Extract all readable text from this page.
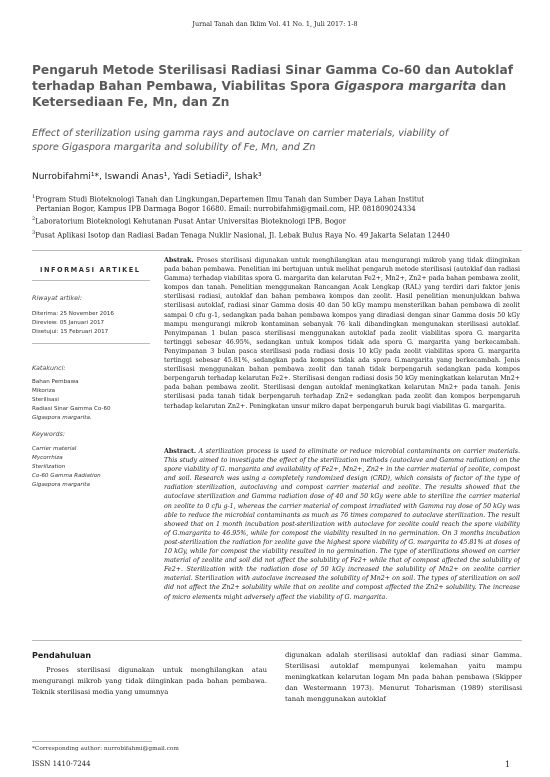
Jurnal Tanah dan Iklim Vol. 41 No. 1, Juli 2017: 1-8
Pengaruh Metode Sterilisasi Radiasi Sinar Gamma Co-60 dan Autoklaf
terhadap Bahan Pembawa, Viabilitas Spora Gigaspora margarita dan
Ketersediaan Fe, Mn, dan Zn
Effect of sterilization using gamma rays and autoclave on carrier materials, viability of
spore Gigaspora margarita and solubility of Fe, Mn, and Zn
Nurrobifahmi¹*, Iswandi Anas¹, Yadi Setiadi², Ishak³
$^1$Program Studi Bioteknologi Tanah dan Lingkungan,Departemen Ilmu Tanah dan Sumber Daya Lahan Institut
Pertanian Bogor, Kampus IPB Darmaga Bogor 16680. Email: nurrobifahmi@gmail.com, HP. 081809024334
$^2$Laboratorium Bioteknologi Kehutanan Pusat Antar Universitas Bioteknologi IPB, Bogor
$^3$Pusat Aplikasi Isotop dan Radiasi Badan Tenaga Nuklir Nasional, Jl. Lebak Bulus Raya No. 49 Jakarta Selatan 12440
INFORMASI ARTIKEL
Riwayat artikel:
Diterima: 25 November 2016
Direview: 05 Januari 2017
Disetujui: 15 Februari 2017
Katakunci:
Bahan Pembawa
Mikoriza
Sterilisasi
Radiasi Sinar Gamma Co-60
Gigaspora margarita.
Keywords:
Carrier material
Mycorrhiza
Sterilization
Co-60 Gamma Radiation
Gigaspora margarita

Abstrak. Proses sterilisasi digunakan untuk menghilangkan atau mengurangi mikrob yang tidak diinginkan pada bahan pembawa. Penelitian ini bertujuan untuk melihat pengaruh metode sterilisasi (autoklaf dan radiasi Gamma) terhadap viabilitas spora G. margarita dan kelarutan Fe2+, Mn2+, Zn2+ pada bahan pembawa zeolit, kompos dan tanah. Penelitian menggunakan Rancangan Acak Lengkap (RAL) yang terdiri dari faktor jenis sterilisasi radiasi, autoklaf dan bahan pembawa kompos dan zeolit. Hasil penelitian menunjukkan bahwa sterilisasi autoklaf, radiasi sinar Gamma dosis 40 dan 50 kGy mampu mensterilkan bahan pembawa di zeolit sampai 0 cfu g-1, sedangkan pada bahan pembawa kompos yang diradiasi dengan sinar Gamma dosis 50 kGy mampu mengurangi mikrob kontaminan sebanyak 76 kali dibandingkan mengunakan sterilisasi autoklaf. Penyimpanan 1 bulan pasca sterilisasi menggunakan autoklaf pada zeolit viabilitas spora G. margarita tertinggi sebesar 46.95%, sedangkan untuk kompos tidak ada spora G. margarita yang berkecambah. Penyimpanan 3 bulan pasca sterilisasi pada radiasi dosis 10 kGy pada zeolit viabilitas spora G. margarita tertinggi sebesar 45.81%, sedangkan pada kompos tidak ada spora G.margarita yang berkecambah. Jenis sterilisasi menggunakan bahan pembawa zeolit dan tanah tidak berpengaruh sedangkan pada kompos berpengaruh terhadap kelarutan Fe2+. Sterilisasi dengan radiasi dosis 50 kGy meningkatkan kelarutan Mn2+ pada bahan pembawa zeolit. Sterilisasi dengan autoklaf meningkatkan kelarutan Mn2+ pada tanah. Jenis sterilisasi pada tanah tidak berpengaruh terhadap Zn2+ sedangkan pada zeolit dan kompos berpengaruh terhadap kelarutan Zn2+. Peningkatan unsur mikro dapat berpengaruh buruk bagi viabilitas G. margarita.

Abstract. A sterilization process is used to eliminate or reduce microbial contaminants on carrier materials. This study aimed to investigate the effect of the sterilization methods (autoclave and Gamma radiation) on the spore viability of G. margarita and availability of Fe2+, Mn2+, Zn2+ in the carrier material of zeolite, compost and soil. Research was using a completely randomized design (CRD), which consists of factor of the type of radiation sterilization, autoclaving and compost carrier material and zeolite. The results showed that the autoclave sterilization and Gamma radiation dose of 40 and 50 kGy were able to sterilize the carrier material on zeolite to 0 cfu g-1, whereas the carrier material of compost irradiated with Gamma ray dose of 50 kGy was able to reduce the microbial contaminants as much as 76 times compared to autoclave sterilization. The result showed that on 1 month incubation post-sterilization with autoclave for zeolite could reach the spore viability of G.margarita to 46.95%, while for compost the viability resulted in no germination. On 3 months incubation post-sterilization the radiation for zeolite gave the highest spore viability of G. margarita to 45.81% at doses of 10 kGy, while for compost the viability resulted in no germination. The type of sterilizations showed on carrier material of zeolite and soil did not affect the solubility of Fe2+ while that of compost affected the solubility of Fe2+. Sterilization with the radiation dose of 50 kGy increased the solubility of Mn2+ on zeolite carrier material. Sterilization with autoclave increased the solubility of Mn2+ on soil. The types of sterilization on soil did not affect the Zn2+ solubility while that on zeolite and compost affected the Zn2+ solubility. The increase of micro elements might adversely affect the viability of G. margarita.

Pendahuluan
Proses sterilisasi digunakan untuk menghilangkan atau mengurangi mikrob yang tidak diinginkan pada bahan pembawa. Teknik sterilisasi media yang umumnya
digunakan adalah sterilisasi autoklaf dan radiasi sinar Gamma. Sterilisasi autoklaf mempunyai kelemahan yaitu mampu meningkatkan kelarutan logam Mn pada bahan pembawa (Skipper dan Westermann 1973). Menurut Toharisman (1989) sterilisasi tanah menggunakan autoklaf
*Corresponding author: nurrobifahmi@gmail.com
ISSN 1410-7244	1
